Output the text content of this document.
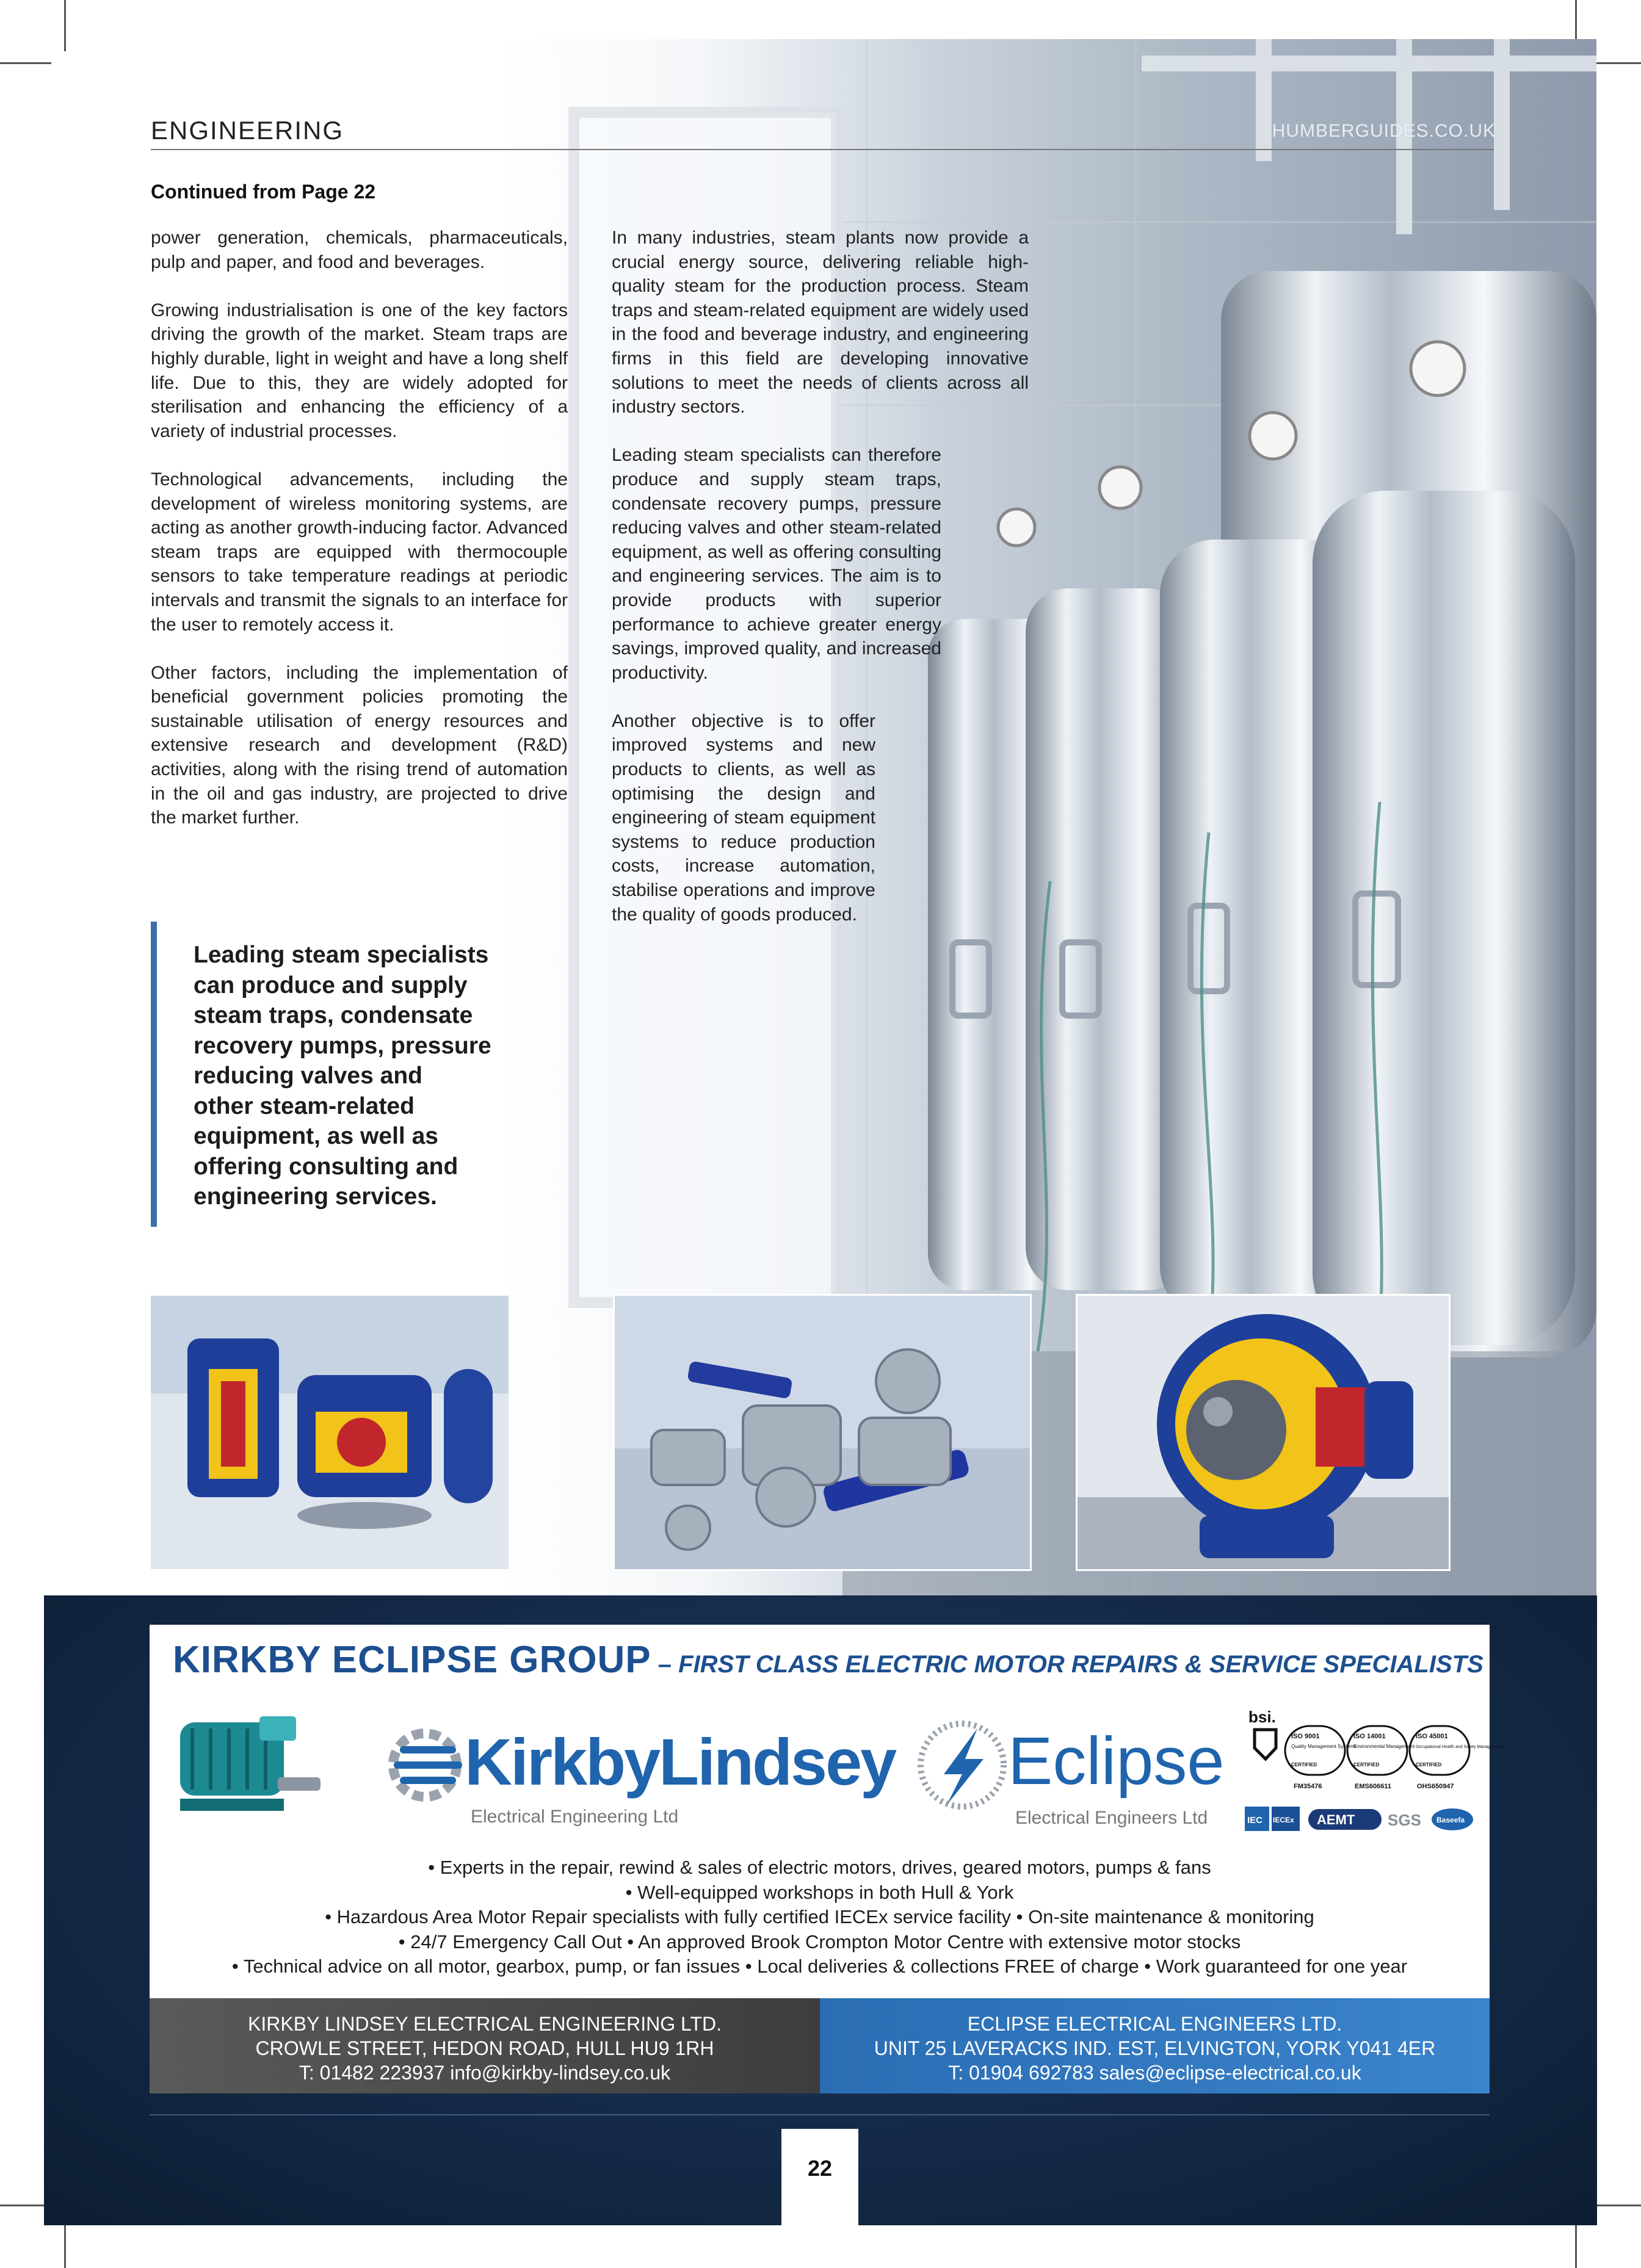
ENGINEERING	HUMBERGUIDES.CO.UK
Continued from Page 22

power generation, chemicals, pharmaceuticals, pulp and paper, and food and beverages.

Growing industrialisation is one of the key factors driving the growth of the market. Steam traps are highly durable, light in weight and have a long shelf life. Due to this, they are widely adopted for sterilisation and enhancing the efficiency of a variety of industrial processes.

Technological advancements, including the development of wireless monitoring systems, are acting as another growth-inducing factor. Advanced steam traps are equipped with thermocouple sensors to take temperature readings at periodic intervals and transmit the signals to an interface for the user to remotely access it.

Other factors, including the implementation of beneficial government policies promoting the sustainable utilisation of energy resources and extensive research and development (R&D) activities, along with the rising trend of automation in the oil and gas industry, are projected to drive the market further.

In many industries, steam plants now provide a crucial energy source, delivering reliable high-quality steam for the production process. Steam traps and steam-related equipment are widely used in the food and beverage industry, and engineering firms in this field are developing innovative solutions to meet the needs of clients across all industry sectors.

Leading steam specialists can therefore produce and supply steam traps, condensate recovery pumps, pressure reducing valves and other steam-related equipment, as well as offering consulting and engineering services. The aim is to provide products with superior performance to achieve greater energy savings, improved quality, and increased productivity.

Another objective is to offer improved systems and new products to clients, as well as optimising the design and engineering of steam equipment systems to reduce production costs, increase automation, stabilise operations and improve the quality of goods produced.

Leading steam specialists
can produce and supply
steam traps, condensate
recovery pumps, pressure
reducing valves and
other steam-related
equipment, as well as
offering consulting and
engineering services.
KIRKBY ECLIPSE GROUP – FIRST CLASS ELECTRIC MOTOR REPAIRS & SERVICE SPECIALISTS
KirkbyLindsey
Electrical Engineering Ltd
Eclipse
Electrical Engineers Ltd
bsi.
ISO 9001
Quality Management Systems
CERTIFIED
ISO 14001
Environmental Management
CERTIFIED
ISO 45001
Occupational Health and Safety Management
CERTIFIED
FM35476	EMS606611	OHS650947
IEC IECEx AEMT SGS Baseefa
• Experts in the repair, rewind & sales of electric motors, drives, geared motors, pumps & fans
• Well-equipped workshops in both Hull & York
• Hazardous Area Motor Repair specialists with fully certified IECEx service facility • On-site maintenance & monitoring
• 24/7 Emergency Call Out • An approved Brook Crompton Motor Centre with extensive motor stocks
• Technical advice on all motor, gearbox, pump, or fan issues • Local deliveries & collections FREE of charge • Work guaranteed for one year
KIRKBY LINDSEY ELECTRICAL ENGINEERING LTD.
CROWLE STREET, HEDON ROAD, HULL HU9 1RH
T: 01482 223937 info@kirkby-lindsey.co.uk
ECLIPSE ELECTRICAL ENGINEERS LTD.
UNIT 25 LAVERACKS IND. EST, ELVINGTON, YORK Y041 4ER
T: 01904 692783 sales@eclipse-electrical.co.uk
22
